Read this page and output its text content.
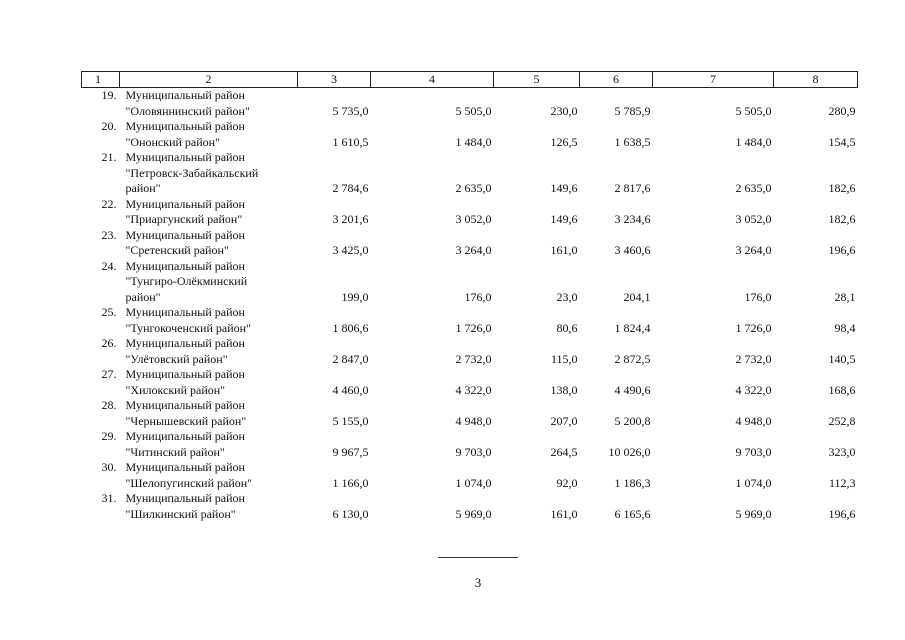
1	2	3	4	5	6	7	8
19.	Муниципальный район
"Оловяннинский район"	5 735,0	5 505,0	230,0	5 785,9	5 505,0	280,9
20.	Муниципальный район
"Ононский район"	1 610,5	1 484,0	126,5	1 638,5	1 484,0	154,5
21.	Муниципальный район
"Петровск-Забайкальский
район"	2 784,6	2 635,0	149,6	2 817,6	2 635,0	182,6
22.	Муниципальный район
"Приаргунский район"	3 201,6	3 052,0	149,6	3 234,6	3 052,0	182,6
23.	Муниципальный район
"Сретенский район"	3 425,0	3 264,0	161,0	3 460,6	3 264,0	196,6
24.	Муниципальный район
"Тунгиро-Олёкминский
район"	199,0	176,0	23,0	204,1	176,0	28,1
25.	Муниципальный район
"Тунгокоченский район"	1 806,6	1 726,0	80,6	1 824,4	1 726,0	98,4
26.	Муниципальный район
"Улётовский район"	2 847,0	2 732,0	115,0	2 872,5	2 732,0	140,5
27.	Муниципальный район
"Хилокский район"	4 460,0	4 322,0	138,0	4 490,6	4 322,0	168,6
28.	Муниципальный район
"Чернышевский район"	5 155,0	4 948,0	207,0	5 200,8	4 948,0	252,8
29.	Муниципальный район
"Читинский район"	9 967,5	9 703,0	264,5	10 026,0	9 703,0	323,0
30.	Муниципальный район
"Шелопугинский район"	1 166,0	1 074,0	92,0	1 186,3	1 074,0	112,3
31.	Муниципальный район
"Шилкинский район"	6 130,0	5 969,0	161,0	6 165,6	5 969,0	196,6
3
